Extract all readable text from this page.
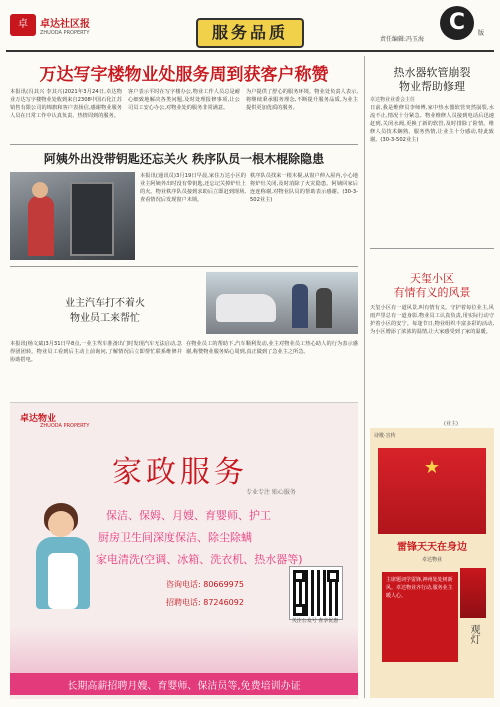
卓	卓达社区报
ZHUODA PROPERTY	服务品质	责任编辑:冯玉海
C	版
万达写字楼物业处服务周到获客户称赞
本报讯(冯其兴 李其兴)2021年3月24日,卓达物业万达写字楼物业处收到来自2308中国石化江苏销售有限公司的锦旗和客户表扬信,感谢物业服务人员在日常工作中认真负责、热情周到的服务。
客户表示平时在写字楼办公,物业工作人员总是耐心细致地解决各类问题,及时处理报修事项,让公司员工安心办公,对物业处的服务非常满意。
为户提供了舒心的服务环境。物业处负责人表示,将继续秉承服务理念,不断提升服务品质,为业主提供更加优质的服务。
阿姨外出没带钥匙还忘关火 秩序队员一根木棍除隐患
本报讯(通讯员)3月19日早晨,家住万达小区的业主阿姨外出时没有带钥匙,还忘记关掉炉灶上的火。物业秩序队员接到求助后立即赶到现场,查看情况后发现窗户未锁。
秩序队员找来一根木棍,从窗户伸入屋内,小心地将炉灶关闭,及时消除了火灾隐患。阿姨回家后连连称谢,对物业队员的帮助表示感谢。(30-3-502业主)
业主汽车打不着火
物业员工来帮忙
本报讯(杨文斌)3月31日早8点,一业主驾车准备出门时发现汽车无法启动,急得团团转。物业员工看到后主动上前询问,了解情况后立即帮忙联系维修并协助搭电。
在物业员工的帮助下,汽车顺利发动,业主对物业员工热心助人的行为表示感谢,称赞物业服务贴心周到,真正做到了急业主之所急。
卓达物业
ZHUODA PROPERTY
家政服务
专业专注 贴心服务
保洁、保姆、月嫂、育婴师、护工
厨房卫生间深度保洁、除尘除螨
家电清洗(空调、冰箱、洗衣机、热水器等)
咨询电话: 80669975
招聘电话: 87246092
关注公众号 查享优惠
长期高薪招聘月嫂、育婴师、保洁员等,免费培训办证
热水器软管崩裂
物业帮助修理
卓达物业业委会主任
日前,我是维修员李师傅,家中热水器软管突然崩裂,水流不止,情况十分紧急。物业维修人员接到电话后迅速赶到,关闭水阀,更换了新的软管,及时排除了险情。维修人员技术娴熟、服务热情,让业主十分感动,特此致谢。(30-3-502业主)
天玺小区
有情有义的风景
天玺小区有一道风景,叫有情有义。守护着每位业主,风雨声里总有一道身影,物业员工认真负责,用实际行动守护着小区的安宁。每逢节日,物业组织丰富多彩的活动,为小区增添了浓浓的温情,让大家感受到了家的温暖。
(业主)
诗歌·宣传
★
雷锋天天在身边
卓达物业
主席题词学雷锋,神州处处树新风。卓达物业齐行动,服务业主暖人心。
观灯
